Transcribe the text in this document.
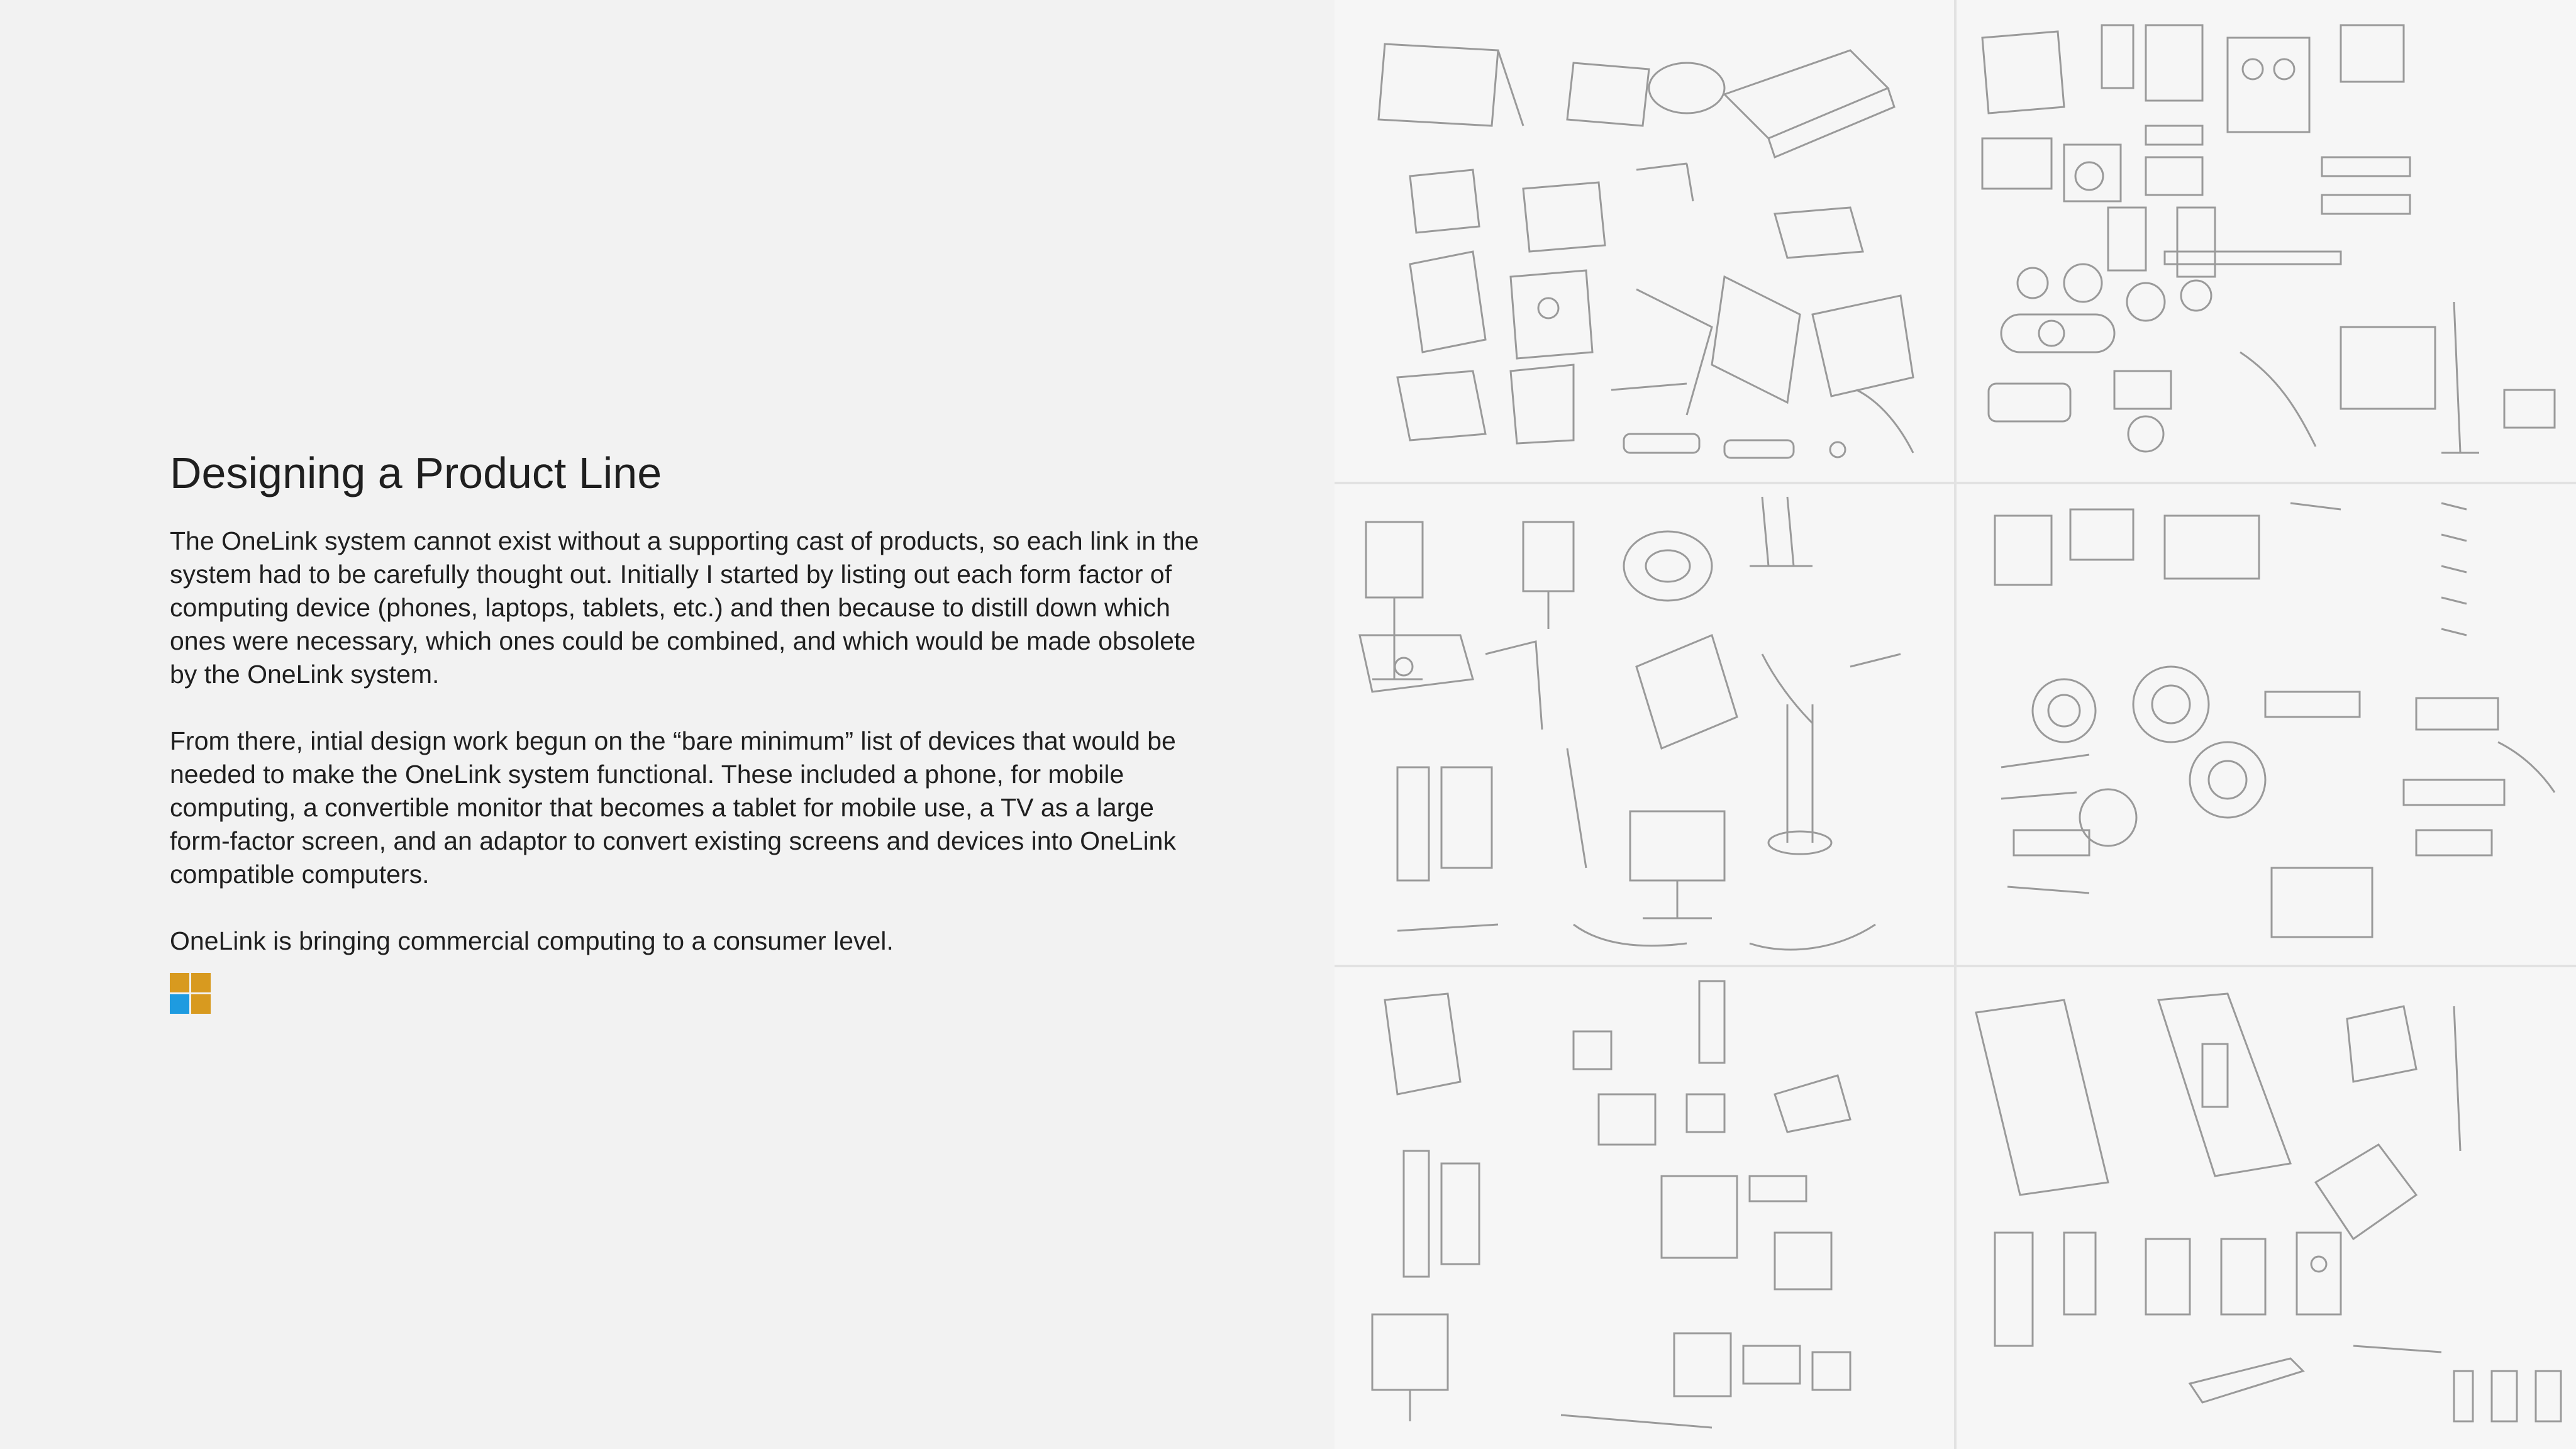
Designing a Product Line

The OneLink system cannot exist without a supporting cast of products, so each link in the system had to be carefully thought out. Initially I started by listing out each form factor of computing device (phones, laptops, tablets, etc.) and then because to distill down which ones were necessary, which ones could be combined, and which would be made obsolete by the OneLink system.

From there, intial design work begun on the “bare minimum” list of devices that would be needed to make the OneLink system functional. These included a phone, for mobile computing, a convertible monitor that becomes a tablet for mobile use, a TV as a large form-factor screen, and an adaptor to convert existing screens and devices into OneLink compatible computers.

OneLink is bringing commercial computing to a consumer level.
